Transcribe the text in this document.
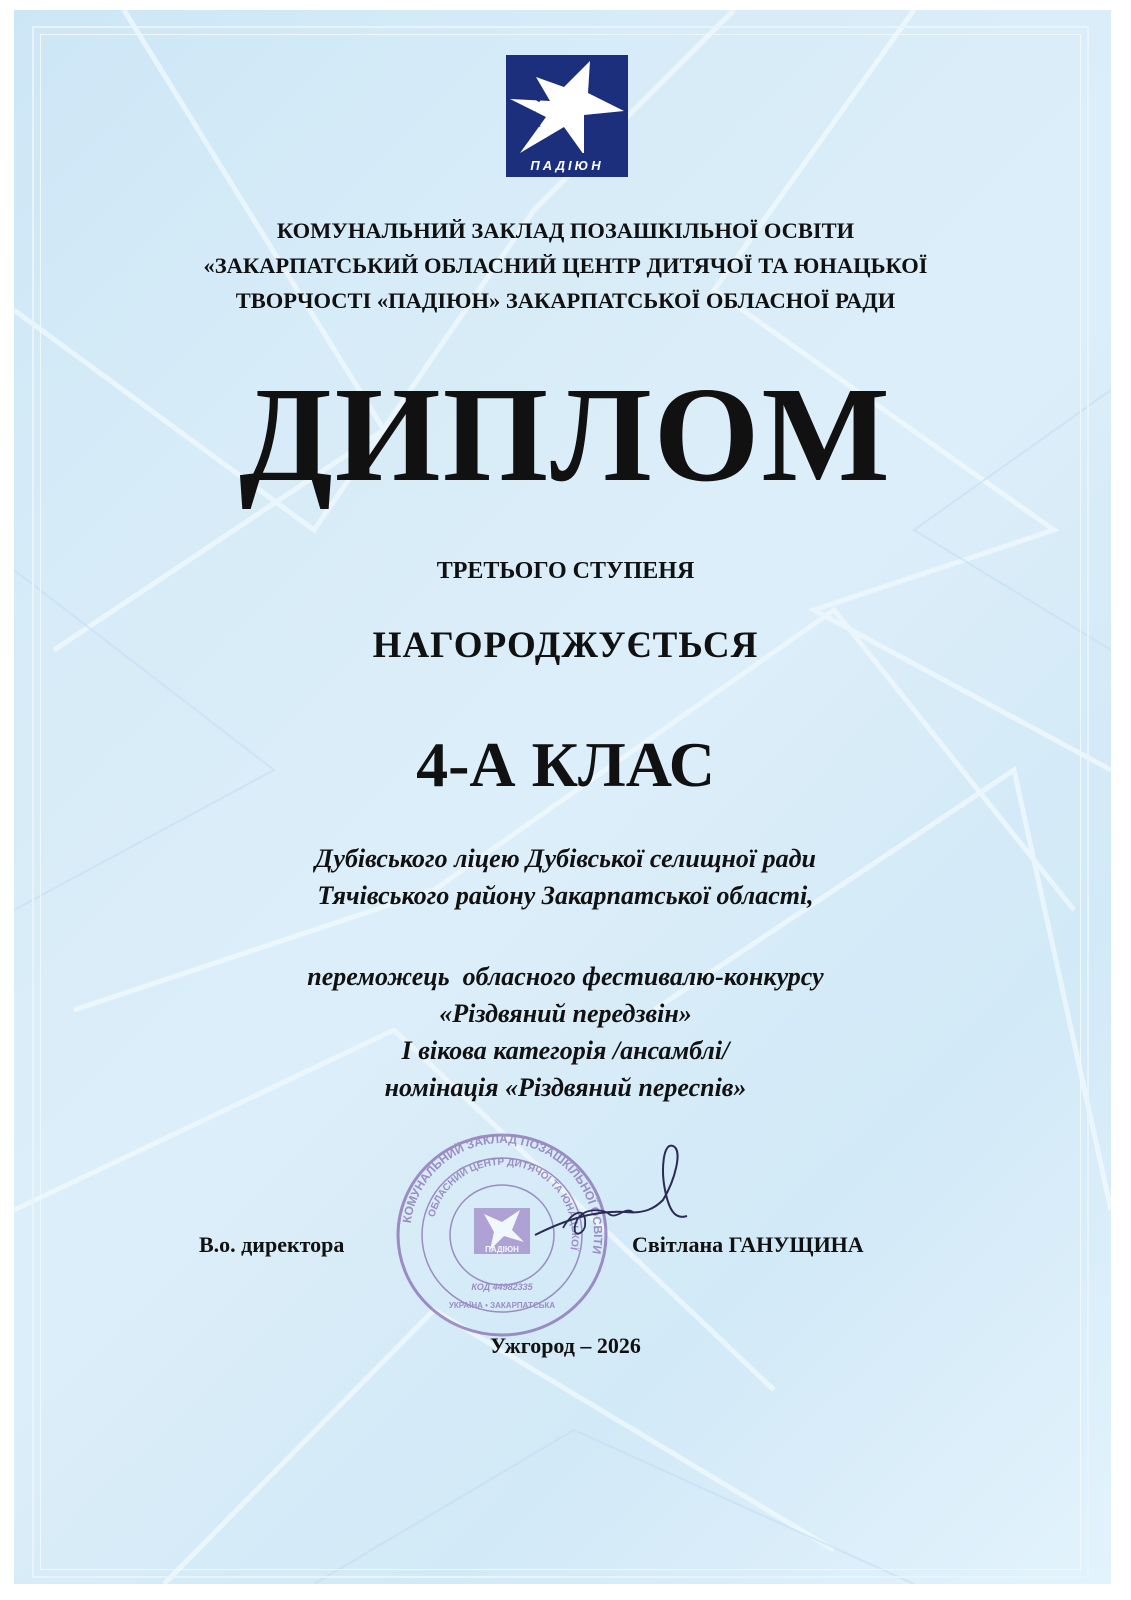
ПАДІЮН
КОМУНАЛЬНИЙ ЗАКЛАД ПОЗАШКІЛЬНОЇ ОСВІТИ
«ЗАКАРПАТСЬКИЙ ОБЛАСНИЙ ЦЕНТР ДИТЯЧОЇ ТА ЮНАЦЬКОЇ
ТВОРЧОСТІ «ПАДІЮН» ЗАКАРПАТСЬКОЇ ОБЛАСНОЇ РАДИ
ДИПЛОМ
ТРЕТЬОГО СТУПЕНЯ
НАГОРОДЖУЄТЬСЯ
4-А КЛАС
Дубівського ліцею Дубівської селищної ради
Тячівського району Закарпатської області,
переможець  обласного фестивалю-конкурсу
«Різдвяний передзвін»
І вікова категорія /ансамблі/
номінація «Різдвяний переспів»
КОМУНАЛЬНИЙ ЗАКЛАД ПОЗАШКІЛЬНОЇ ОСВІТИ
ОБЛАСНИЙ ЦЕНТР ДИТЯЧОЇ ТА ЮНАЦЬКОЇ
ПАДІЮН
КОД 44982335
УКРАЇНА • ЗАКАРПАТСЬКА
В.о. директора	Світлана ГАНУЩИНА
Ужгород – 2026
